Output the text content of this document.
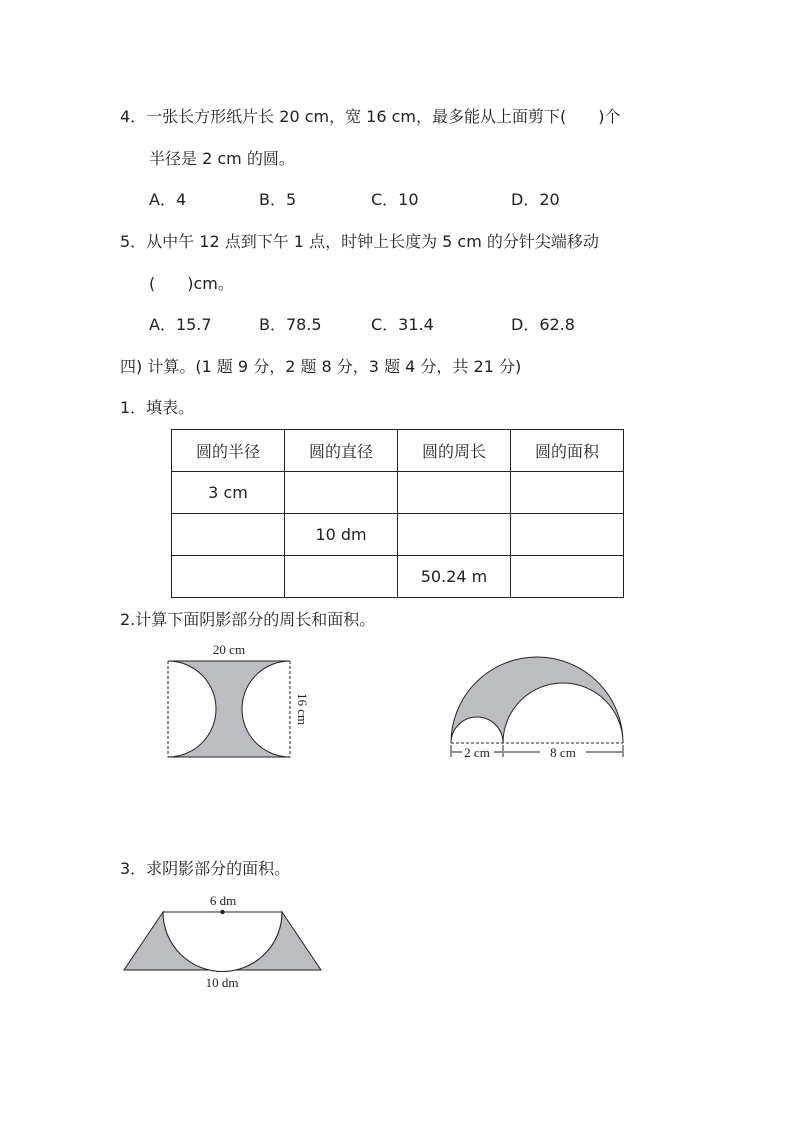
4．一张长方形纸片长 20 cm，宽 16 cm，最多能从上面剪下(　　)个
半径是 2 cm 的圆。
A．4	B．5	C．10	D．20
5．从中午 12 点到下午 1 点，时钟上长度为 5 cm 的分针尖端移动
(　　)cm。
A．15.7	B．78.5	C．31.4	D．62.8
四) 计算。(1 题 9 分，2 题 8 分，3 题 4 分，共 21 分)
1．填表。
圆的半径	圆的直径	圆的周长	圆的面积
3 cm			
	10 dm		
		50.24 m	
2.计算下面阴影部分的周长和面积。
3．求阴影部分的面积。
20 cm
16 cm
2 cm	8 cm
6 dm
10 dm
